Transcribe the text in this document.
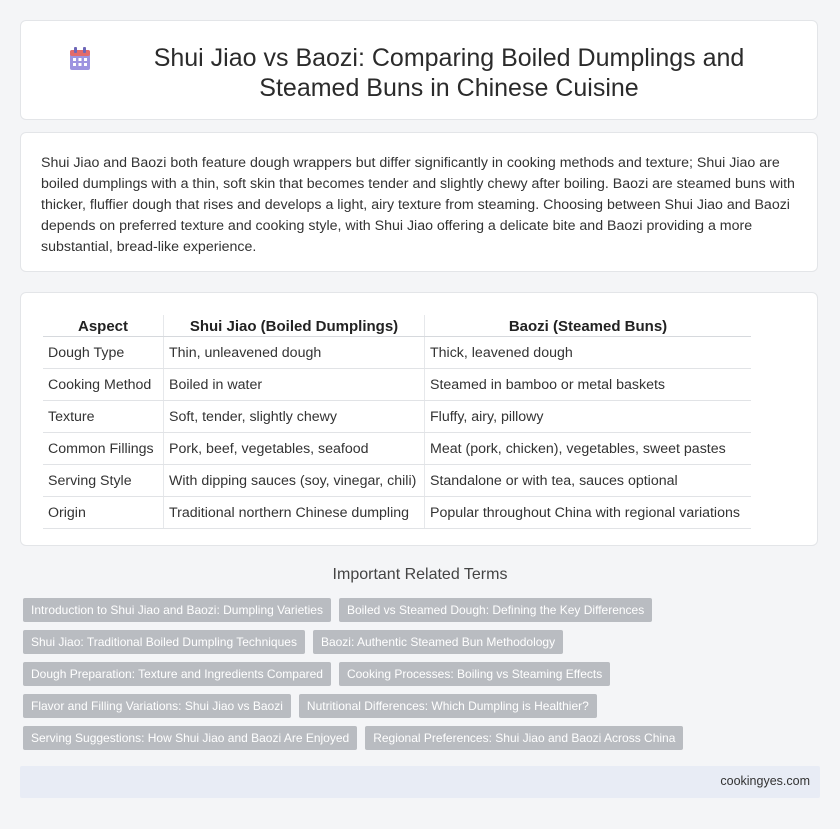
Shui Jiao vs Baozi: Comparing Boiled Dumplings and Steamed Buns in Chinese Cuisine

Shui Jiao and Baozi both feature dough wrappers but differ significantly in cooking methods and texture; Shui Jiao are boiled dumplings with a thin, soft skin that becomes tender and slightly chewy after boiling. Baozi are steamed buns with thicker, fluffier dough that rises and develops a light, airy texture from steaming. Choosing between Shui Jiao and Baozi depends on preferred texture and cooking style, with Shui Jiao offering a delicate bite and Baozi providing a more substantial, bread-like experience.

Aspect	Shui Jiao (Boiled Dumplings)	Baozi (Steamed Buns)
Dough Type	Thin, unleavened dough	Thick, leavened dough
Cooking Method	Boiled in water	Steamed in bamboo or metal baskets
Texture	Soft, tender, slightly chewy	Fluffy, airy, pillowy
Common Fillings	Pork, beef, vegetables, seafood	Meat (pork, chicken), vegetables, sweet pastes
Serving Style	With dipping sauces (soy, vinegar, chili)	Standalone or with tea, sauces optional
Origin	Traditional northern Chinese dumpling	Popular throughout China with regional variations
Important Related Terms
Introduction to Shui Jiao and Baozi: Dumpling Varieties	Boiled vs Steamed Dough: Defining the Key Differences
Shui Jiao: Traditional Boiled Dumpling Techniques	Baozi: Authentic Steamed Bun Methodology
Dough Preparation: Texture and Ingredients Compared	Cooking Processes: Boiling vs Steaming Effects
Flavor and Filling Variations: Shui Jiao vs Baozi	Nutritional Differences: Which Dumpling is Healthier?
Serving Suggestions: How Shui Jiao and Baozi Are Enjoyed	Regional Preferences: Shui Jiao and Baozi Across China
cookingyes.com
